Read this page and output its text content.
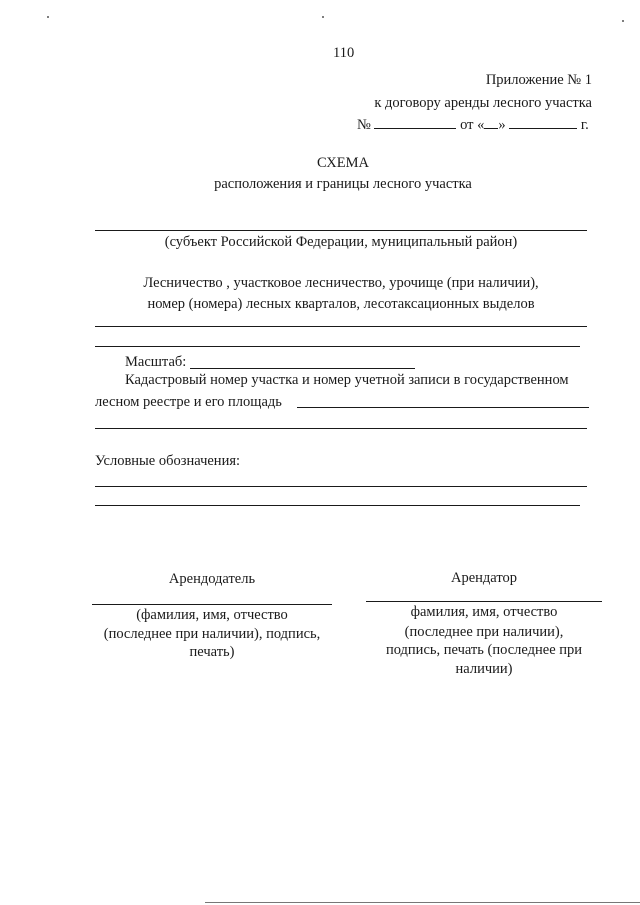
110
Приложение № 1
к договору аренды лесного участка
№	от « »	г.
СХЕМА
расположения и границы лесного участка
(субъект Российской Федерации, муниципальный район)
Лесничество , участковое лесничество, урочище (при наличии),
номер (номера) лесных кварталов, лесотаксационных выделов
Масштаб:
Кадастровый номер участка и номер учетной записи в государственном
лесном реестре и его площадь
Условные обозначения:
Арендодатель
(фамилия, имя, отчество
(последнее при наличии), подпись,
печать)
Арендатор
фамилия, имя, отчество
(последнее при наличии),
подпись, печать (последнее при
наличии)
